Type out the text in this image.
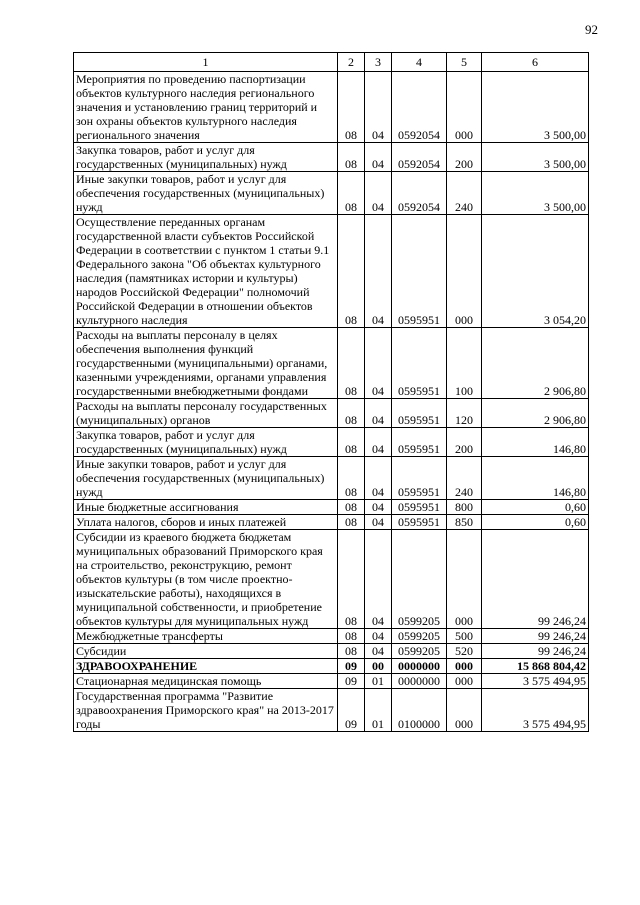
92
1	2	3	4	5	6
Мероприятия по проведению паспортизации объектов культурного наследия регионального значения и установлению границ территорий и зон охраны объектов культурного наследия регионального значения	08	04	0592054	000	3 500,00
Закупка товаров, работ и услуг для государственных (муниципальных) нужд	08	04	0592054	200	3 500,00
Иные закупки товаров, работ и услуг для обеспечения государственных (муниципальных) нужд	08	04	0592054	240	3 500,00
Осуществление переданных органам государственной власти субъектов Российской Федерации в соответствии с пунктом 1 статьи 9.1 Федерального закона "Об объектах культурного наследия (памятниках истории и культуры) народов Российской Федерации" полномочий Российской Федерации в отношении объектов культурного наследия	08	04	0595951	000	3 054,20
Расходы на выплаты персоналу в целях обеспечения выполнения функций государственными (муниципальными) органами, казенными учреждениями, органами управления государственными внебюджетными фондами	08	04	0595951	100	2 906,80
Расходы на выплаты персоналу государственных (муниципальных) органов	08	04	0595951	120	2 906,80
Закупка товаров, работ и услуг для государственных (муниципальных) нужд	08	04	0595951	200	146,80
Иные закупки товаров, работ и услуг для обеспечения государственных (муниципальных) нужд	08	04	0595951	240	146,80
Иные бюджетные ассигнования	08	04	0595951	800	0,60
Уплата налогов, сборов и иных платежей	08	04	0595951	850	0,60
Субсидии из краевого бюджета бюджетам муниципальных образований Приморского края на строительство, реконструкцию, ремонт объектов культуры (в том числе проектно-изыскательские работы), находящихся в муниципальной собственности, и приобретение объектов культуры для муниципальных нужд	08	04	0599205	000	99 246,24
Межбюджетные трансферты	08	04	0599205	500	99 246,24
Субсидии	08	04	0599205	520	99 246,24
ЗДРАВООХРАНЕНИЕ	09	00	0000000	000	15 868 804,42
Стационарная медицинская помощь	09	01	0000000	000	3 575 494,95
Государственная программа "Развитие здравоохранения Приморского края" на 2013-2017 годы	09	01	0100000	000	3 575 494,95
